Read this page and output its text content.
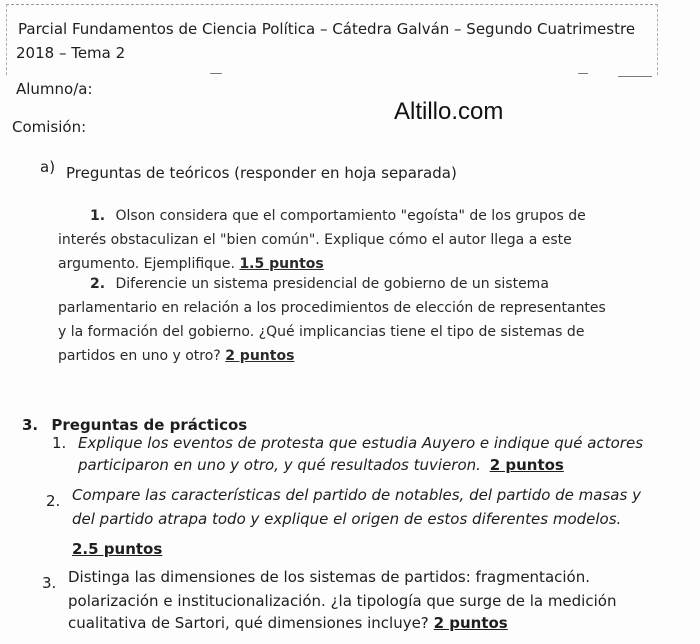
Parcial Fundamentos de Ciencia Política – Cátedra Galván – Segundo Cuatrimestre
2018 – Tema 2
Alumno/a:
Comisión:
Altillo.com
a) Preguntas de teóricos (responder en hoja separada)
1. Olson considera que el comportamiento "egoísta" de los grupos de
interés obstaculizan el "bien común". Explique cómo el autor llega a este
argumento. Ejemplifique. 1.5 puntos
2. Diferencie un sistema presidencial de gobierno de un sistema
parlamentario en relación a los procedimientos de elección de representantes
y la formación del gobierno. ¿Qué implicancias tiene el tipo de sistemas de
partidos en uno y otro? 2 puntos
3. Preguntas de prácticos
1. Explique los eventos de protesta que estudia Auyero e indique qué actores
participaron en uno y otro, y qué resultados tuvieron. 2 puntos
2. Compare las características del partido de notables, del partido de masas y
del partido atrapa todo y explique el origen de estos diferentes modelos.
2.5 puntos
3. Distinga las dimensiones de los sistemas de partidos: fragmentación.
polarización e institucionalización. ¿la tipología que surge de la medición
cualitativa de Sartori, qué dimensiones incluye? 2 puntos
